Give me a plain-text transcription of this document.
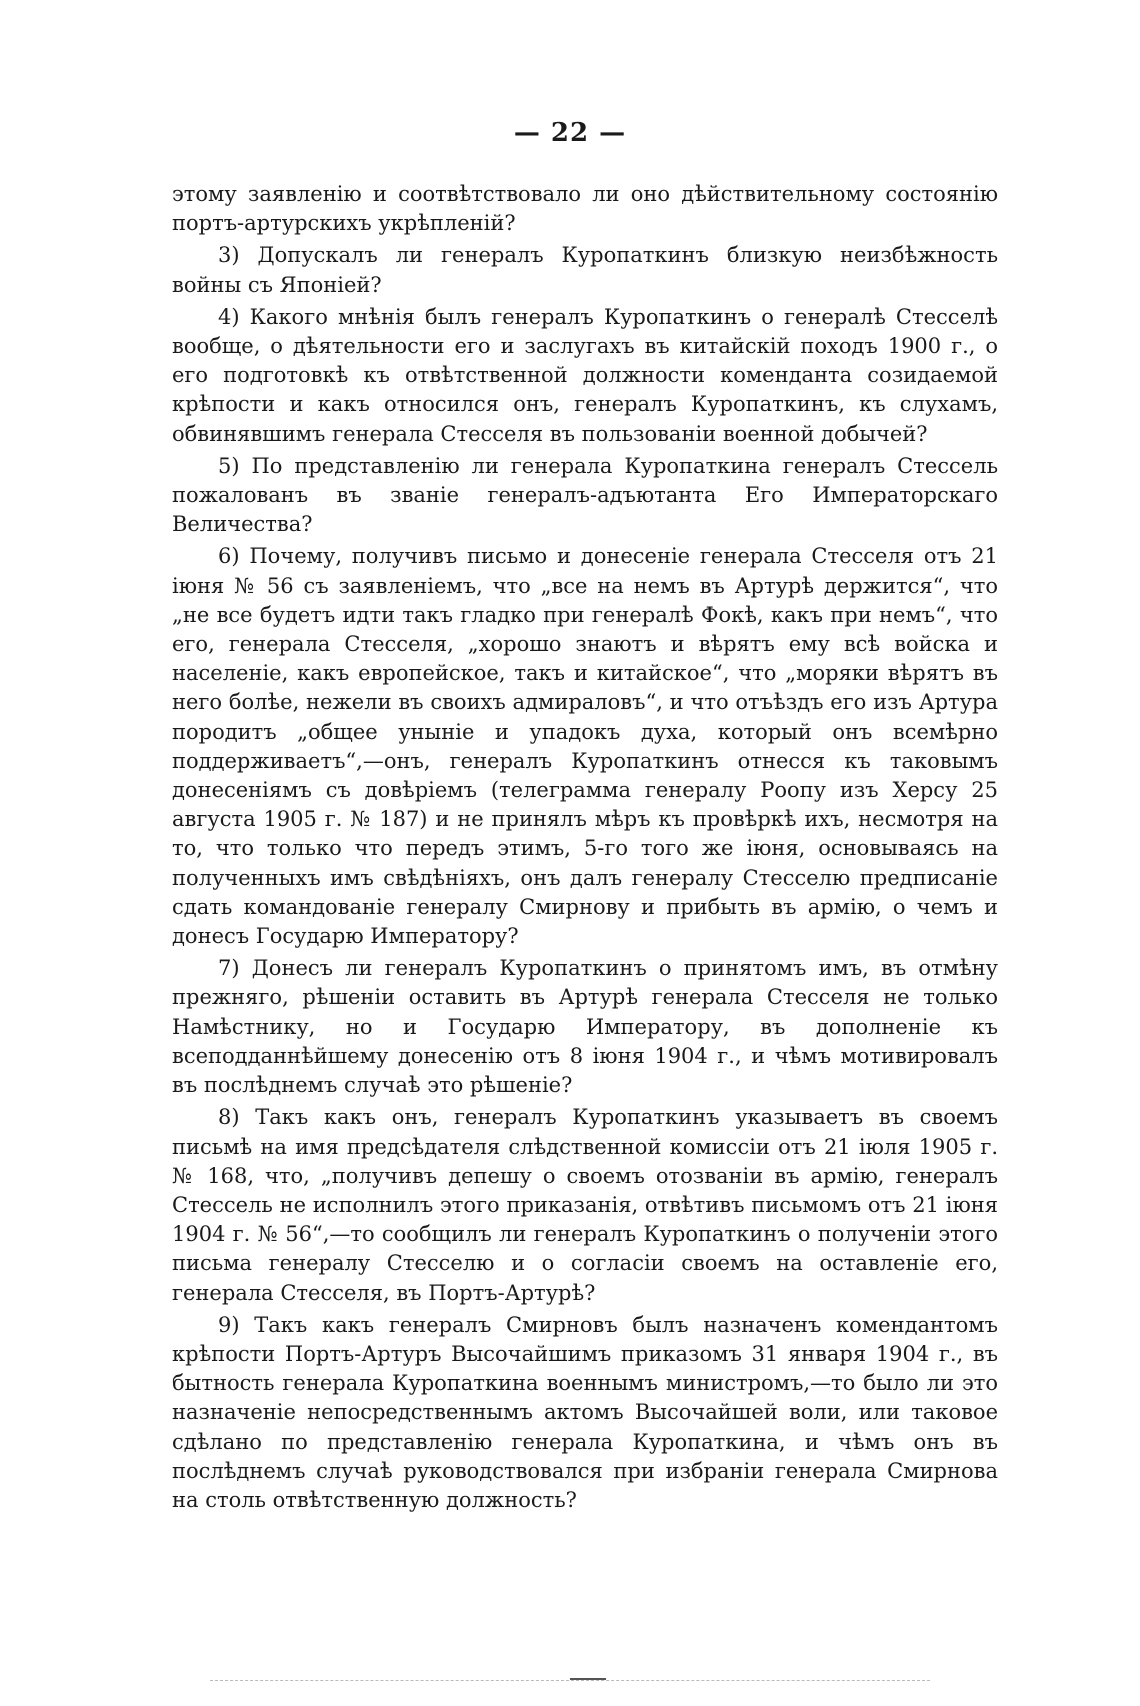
— 22 —

этому заявленію и соотвѣтствовало ли оно дѣйствительному состоянію портъ-артурскихъ укрѣпленій?

3) Допускалъ ли генералъ Куропаткинъ близкую неизбѣжность войны съ Японіей?

4) Какого мнѣнія былъ генералъ Куропаткинъ о генералѣ Стесселѣ вообще, о дѣятельности его и заслугахъ въ китайскій походъ 1900 г., о его подготовкѣ къ отвѣтственной должности коменданта созидаемой крѣпости и какъ относился онъ, генералъ Куропаткинъ, къ слухамъ, обвинявшимъ генерала Стесселя въ пользованіи военной добычей?

5) По представленію ли генерала Куропаткина генералъ Стессель пожалованъ въ званіе генералъ-адъютанта Его Императорскаго Величества?

6) Почему, получивъ письмо и донесеніе генерала Стесселя отъ 21 іюня № 56 съ заявленіемъ, что „все на немъ въ Артурѣ держится“, что „не все будетъ идти такъ гладко при генералѣ Фокѣ, какъ при немъ“, что его, генерала Стесселя, „хорошо знаютъ и вѣрятъ ему всѣ войска и населеніе, какъ европейское, такъ и китайское“, что „моряки вѣрятъ въ него болѣе, нежели въ своихъ адмираловъ“, и что отъѣздъ его изъ Артура породитъ „общее уныніе и упадокъ духа, который онъ всемѣрно поддерживаетъ“,—онъ, генералъ Куропаткинъ отнесся къ таковымъ донесеніямъ съ довѣріемъ (телеграмма генералу Роопу изъ Херсу 25 августа 1905 г. № 187) и не принялъ мѣръ къ провѣркѣ ихъ, несмотря на то, что только что передъ этимъ, 5-го того же іюня, основываясь на полученныхъ имъ свѣдѣніяхъ, онъ далъ генералу Стесселю предписаніе сдать командованіе генералу Смирнову и прибыть въ армію, о чемъ и донесъ Государю Императору?

7) Донесъ ли генералъ Куропаткинъ о принятомъ имъ, въ отмѣну прежняго, рѣшеніи оставить въ Артурѣ генерала Стесселя не только Намѣстнику, но и Государю Императору, въ дополненіе къ всеподданнѣйшему донесенію отъ 8 іюня 1904 г., и чѣмъ мотивировалъ въ послѣднемъ случаѣ это рѣшеніе?

8) Такъ какъ онъ, генералъ Куропаткинъ указываетъ въ своемъ письмѣ на имя предсѣдателя слѣдственной комиссіи отъ 21 іюля 1905 г. № 168, что, „получивъ депешу о своемъ отозваніи въ армію, генералъ Стессель не исполнилъ этого приказанія, отвѣтивъ письмомъ отъ 21 іюня 1904 г. № 56“,—то сообщилъ ли генералъ Куропаткинъ о полученіи этого письма генералу Стесселю и о согласіи своемъ на оставленіе его, генерала Стесселя, въ Портъ-Артурѣ?

9) Такъ какъ генералъ Смирновъ былъ назначенъ комендантомъ крѣпости Портъ-Артуръ Высочайшимъ приказомъ 31 января 1904 г., въ бытность генерала Куропаткина военнымъ министромъ,—то было ли это назначеніе непосредственнымъ актомъ Высочайшей воли, или таковое сдѣлано по представленію генерала Куропаткина, и чѣмъ онъ въ послѣднемъ случаѣ руководствовался при избраніи генерала Смирнова на столь отвѣтственную должность?
